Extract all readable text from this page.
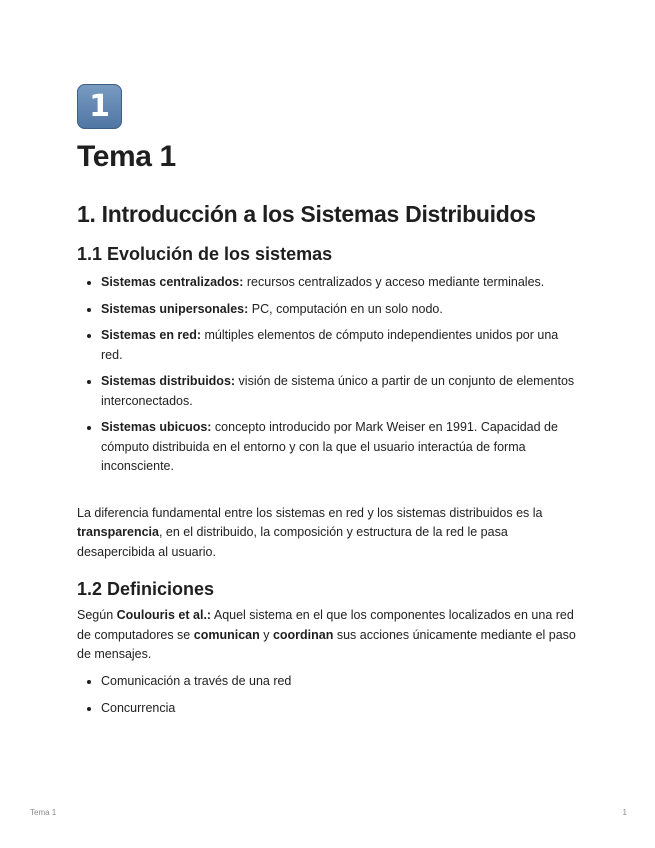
1
Tema 1
1. Introducción a los Sistemas Distribuidos
1.1 Evolución de los sistemas
Sistemas centralizados: recursos centralizados y acceso mediante terminales.
Sistemas unipersonales: PC, computación en un solo nodo.
Sistemas en red: múltiples elementos de cómputo independientes unidos por una red.
Sistemas distribuidos: visión de sistema único a partir de un conjunto de elementos interconectados.
Sistemas ubicuos: concepto introducido por Mark Weiser en 1991. Capacidad de cómputo distribuida en el entorno y con la que el usuario interactúa de forma inconsciente.

La diferencia fundamental entre los sistemas en red y los sistemas distribuidos es la transparencia, en el distribuido, la composición y estructura de la red le pasa desapercibida al usuario.

1.2 Definiciones

Según Coulouris et al.: Aquel sistema en el que los componentes localizados en una red de computadores se comunican y coordinan sus acciones únicamente mediante el paso de mensajes.

Comunicación a través de una red
Concurrencia
Tema 1	1
